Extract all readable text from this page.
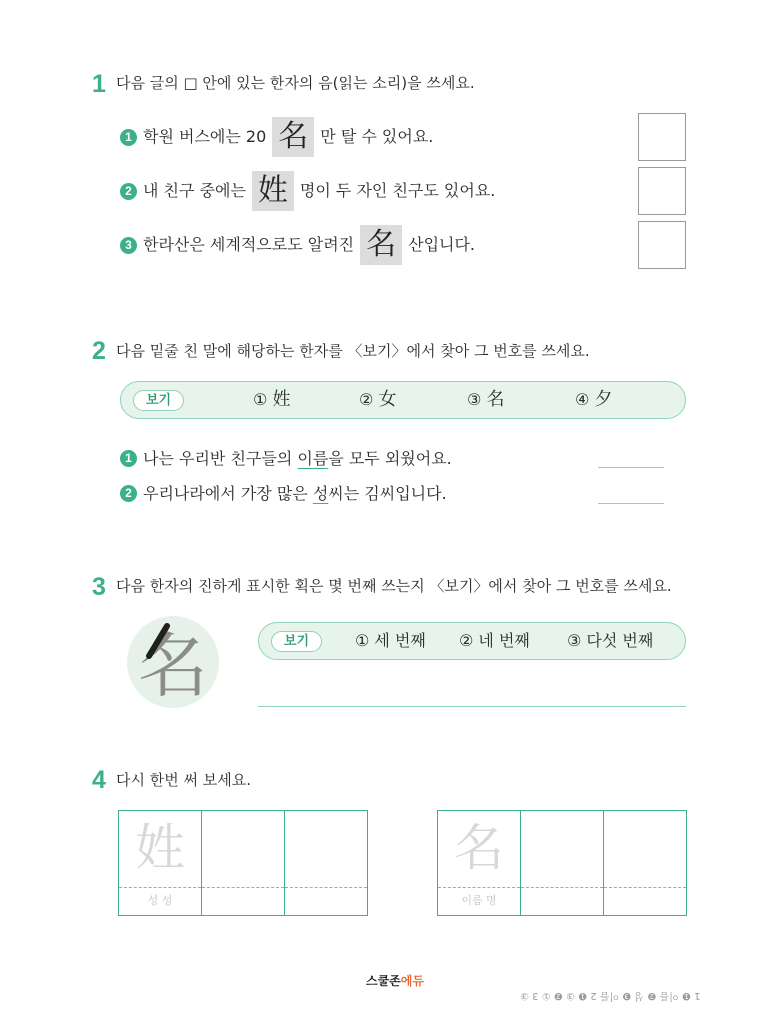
1 다음 글의 □ 안에 있는 한자의 음(읽는 소리)을 쓰세요.
1 학원 버스에는 20 名 만 탈 수 있어요.
2 내 친구 중에는 姓 명이 두 자인 친구도 있어요.
3 한라산은 세계적으로도 알려진 名 산입니다.
2 다음 밑줄 친 말에 해당하는 한자를 〈보기〉에서 찾아 그 번호를 쓰세요.
보기	① 姓	② 女	③ 名	④ 夕
1 나는 우리반 친구들의 이름 을 모두 외웠어요.
2 우리나라에서 가장 많은 성 씨는 김씨입니다.
3 다음 한자의 진하게 표시한 획은 몇 번째 쓰는지 〈보기〉에서 찾아 그 번호를 쓰세요.
名	보기	① 세 번째 ② 네 번째 ③ 다섯 번째
4 다시 한번 써 보세요.
姓
성 성
名
이름 명
스쿨존에듀
1 ❶ 이름 ❷ 성 ❸ 이름 2 ❶ ③ ❷ ① 3 ③
